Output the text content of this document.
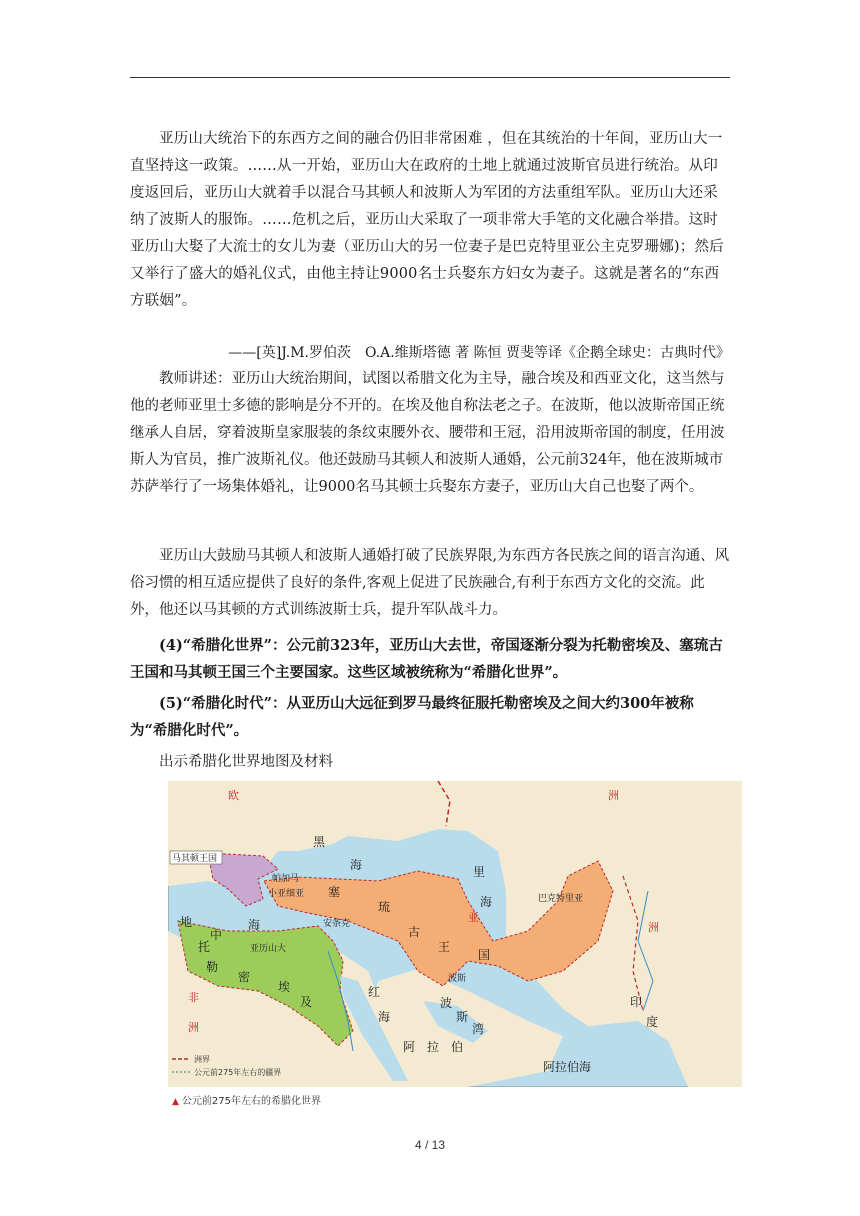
亚历山大统治下的东西方之间的融合仍旧非常困难 ，但在其统治的十年间，亚历山大一直坚持这一政策。……从一开始，亚历山大在政府的土地上就通过波斯官员进行统治。从印度返回后，亚历山大就着手以混合马其顿人和波斯人为军团的方法重组军队。亚历山大还采纳了波斯人的服饰。……危机之后，亚历山大采取了一项非常大手笔的文化融合举措。这时亚历山大娶了大流士的女儿为妻（亚历山大的另一位妻子是巴克特里亚公主克罗珊娜)；然后又举行了盛大的婚礼仪式，由他主持让9000名士兵娶东方妇女为妻子。这就是著名的“东西方联姻”。

——[英]J.M.罗伯茨　O.A.维斯塔德 著 陈恒 贾斐等译《企鹅全球史：古典时代》

教师讲述：亚历山大统治期间，试图以希腊文化为主导，融合埃及和西亚文化，这当然与他的老师亚里士多德的影响是分不开的。在埃及他自称法老之子。在波斯，他以波斯帝国正统继承人自居，穿着波斯皇家服装的条纹束腰外衣、腰带和王冠，沿用波斯帝国的制度，任用波斯人为官员，推广波斯礼仪。他还鼓励马其顿人和波斯人通婚，公元前324年，他在波斯城市苏萨举行了一场集体婚礼，让9000名马其顿士兵娶东方妻子，亚历山大自己也娶了两个。

亚历山大鼓励马其顿人和波斯人通婚打破了民族界限,为东西方各民族之间的语言沟通、风俗习惯的相互适应提供了良好的条件,客观上促进了民族融合,有利于东西方文化的交流。此外，他还以马其顿的方式训练波斯士兵，提升军队战斗力。

(4)“希腊化世界”：公元前323年，亚历山大去世，帝国逐渐分裂为托勒密埃及、塞琉古王国和马其顿王国三个主要国家。这些区域被统称为“希腊化世界”。

(5)“希腊化时代”：从亚历山大远征到罗马最终征服托勒密埃及之间大约300年被称为“希腊化时代”。

出示希腊化世界地图及材料

欧	洲
亚
洲
非
洲
马其顿王国
帕加马
小亚细亚
安条克
亚历山大
巴克特里亚
波斯
黑
海	里
海
塞
琉
古
王
国
地
中
海
托
勒
密
埃
及
红
海
阿　拉　伯
波
斯
湾
印
度
阿拉伯海
洲界
公元前275年左右的疆界
▲ 公元前275年左右的希腊化世界
4 / 13
